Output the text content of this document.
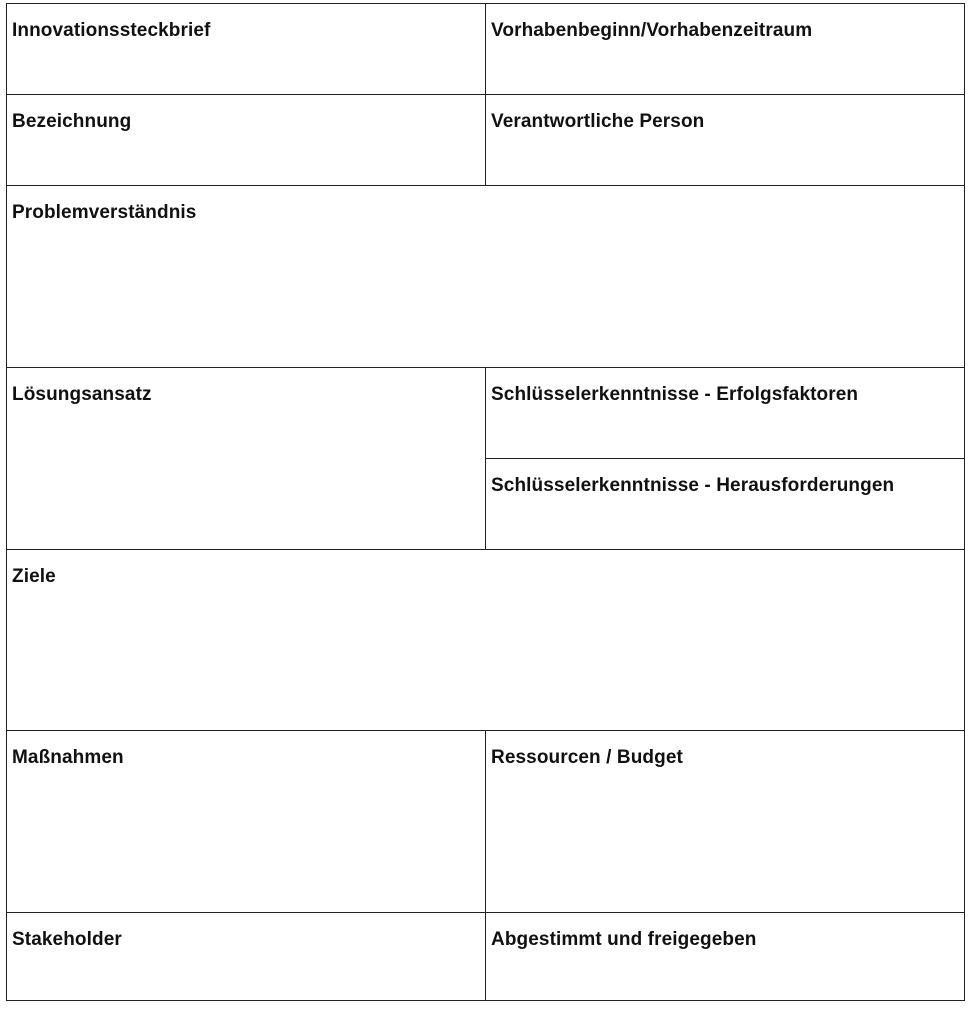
Innovationssteckbrief	Vorhabenbeginn/Vorhabenzeitraum
Bezeichnung	Verantwortliche Person
Problemverständnis
Lösungsansatz	Schlüsselerkenntnisse - Erfolgsfaktoren
Schlüsselerkenntnisse - Herausforderungen
Ziele
Maßnahmen	Ressourcen / Budget
Stakeholder	Abgestimmt und freigegeben
